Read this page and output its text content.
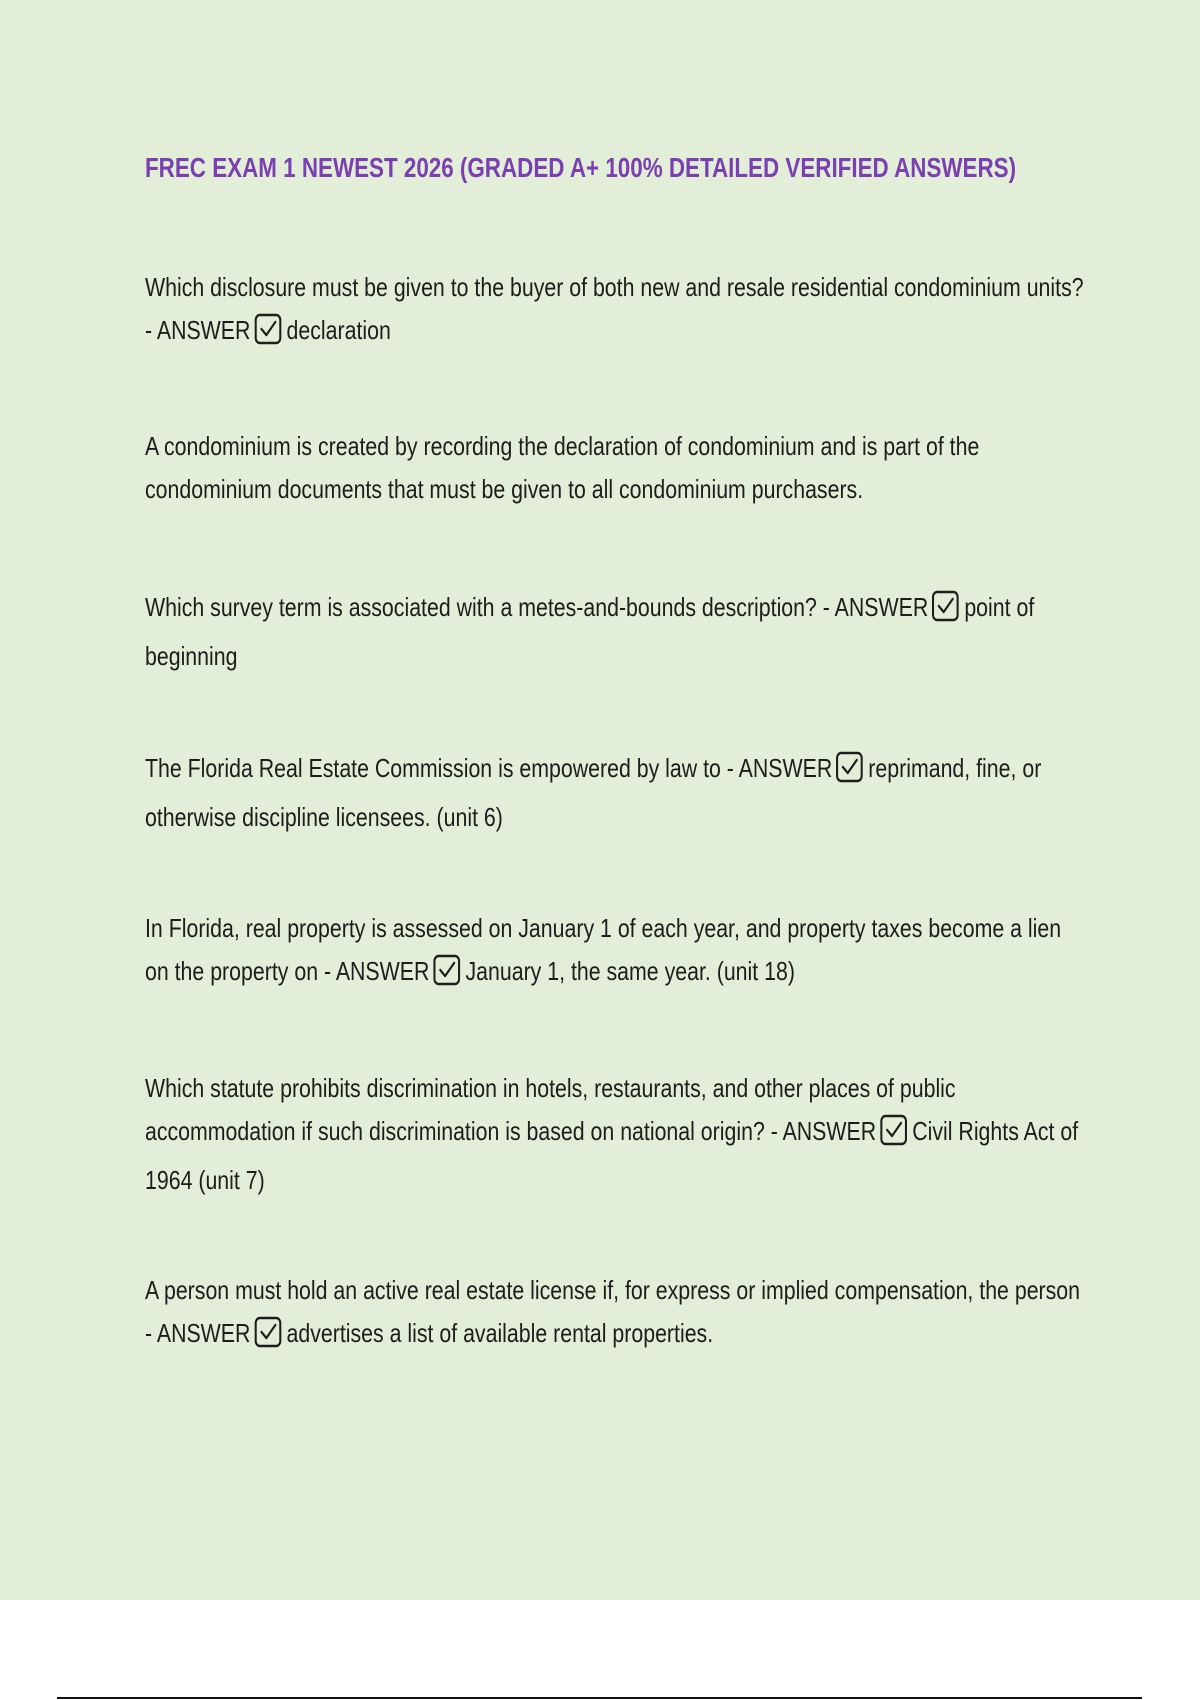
FREC EXAM 1 NEWEST 2026 (GRADED A+ 100% DETAILED VERIFIED ANSWERS)

Which disclosure must be given to the buyer of both new and resale residential condominium units? - ANSWER declaration

A condominium is created by recording the declaration of condominium and is part of the condominium documents that must be given to all condominium purchasers.

Which survey term is associated with a metes-and-bounds description? - ANSWER point of beginning

The Florida Real Estate Commission is empowered by law to - ANSWER reprimand, fine, or otherwise discipline licensees. (unit 6)

In Florida, real property is assessed on January 1 of each year, and property taxes become a lien on the property on - ANSWER January 1, the same year. (unit 18)

Which statute prohibits discrimination in hotels, restaurants, and other places of public accommodation if such discrimination is based on national origin? - ANSWER Civil Rights Act of 1964 (unit 7)

A person must hold an active real estate license if, for express or implied compensation, the person - ANSWER advertises a list of available rental properties.
